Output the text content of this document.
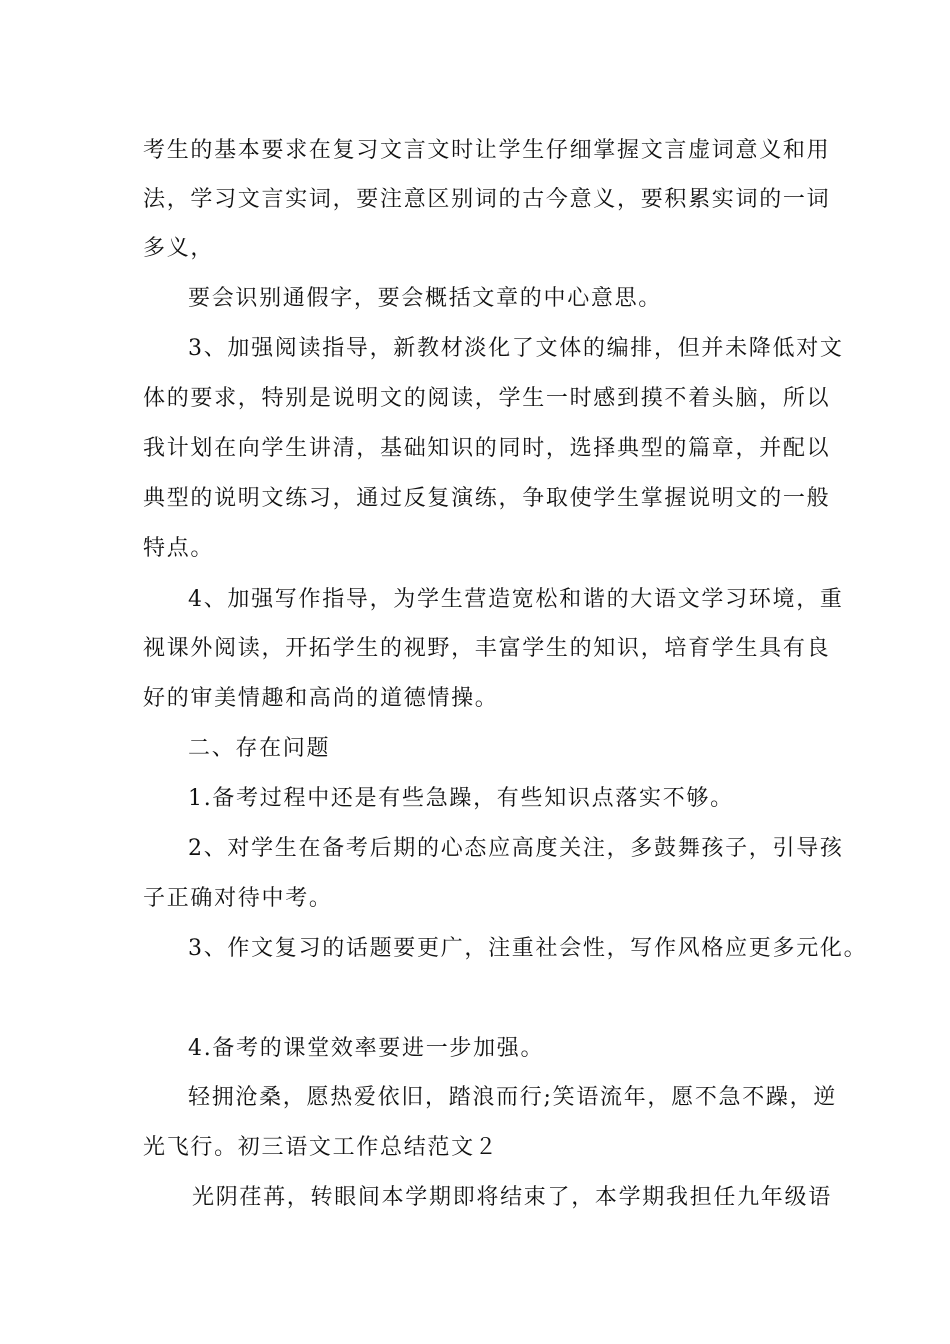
考生的基本要求在复习文言文时让学生仔细掌握文言虚词意义和用
法，学习文言实词，要注意区别词的古今意义，要积累实词的一词
多义，
要会识别通假字，要会概括文章的中心意思。
3、加强阅读指导，新教材淡化了文体的编排，但并未降低对文
体的要求，特别是说明文的阅读，学生一时感到摸不着头脑，所以
我计划在向学生讲清，基础知识的同时，选择典型的篇章，并配以
典型的说明文练习，通过反复演练，争取使学生掌握说明文的一般
特点。
4、加强写作指导，为学生营造宽松和谐的大语文学习环境，重
视课外阅读，开拓学生的视野，丰富学生的知识，培育学生具有良
好的审美情趣和高尚的道德情操。
二、存在问题
1.备考过程中还是有些急躁，有些知识点落实不够。
2、对学生在备考后期的心态应高度关注，多鼓舞孩子，引导孩
子正确对待中考。
3、作文复习的话题要更广，注重社会性，写作风格应更多元化。
4.备考的课堂效率要进一步加强。
轻拥沧桑，愿热爱依旧，踏浪而行;笑语流年，愿不急不躁，逆
光飞行。初三语文工作总结范文２
光阴荏苒，转眼间本学期即将结束了，本学期我担任九年级语
